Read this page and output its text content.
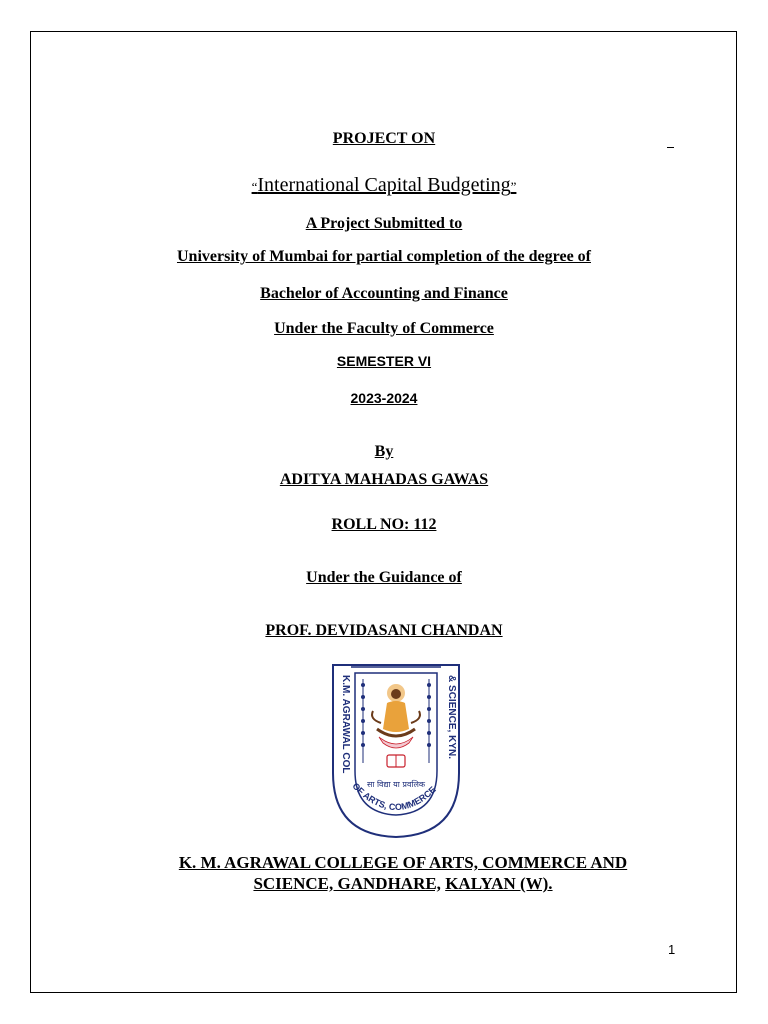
PROJECT ON
“International Capital Budgeting”
A Project Submitted to
University of Mumbai for partial completion of the degree of
Bachelor of Accounting and Finance
Under the Faculty of Commerce
SEMESTER VI
2023-2024
By
ADITYA MAHADAS GAWAS
ROLL NO: 112
Under the Guidance of
PROF. DEVIDASANI CHANDAN
K.M. AGRAWAL COL
OF ARTS, COMMERCE
& SCIENCE, KYN.
सा विद्या या प्रवलिक
K. M. AGRAWAL COLLEGE OF ARTS, COMMERCE AND
SCIENCE, GANDHARE, KALYAN (W).
1
